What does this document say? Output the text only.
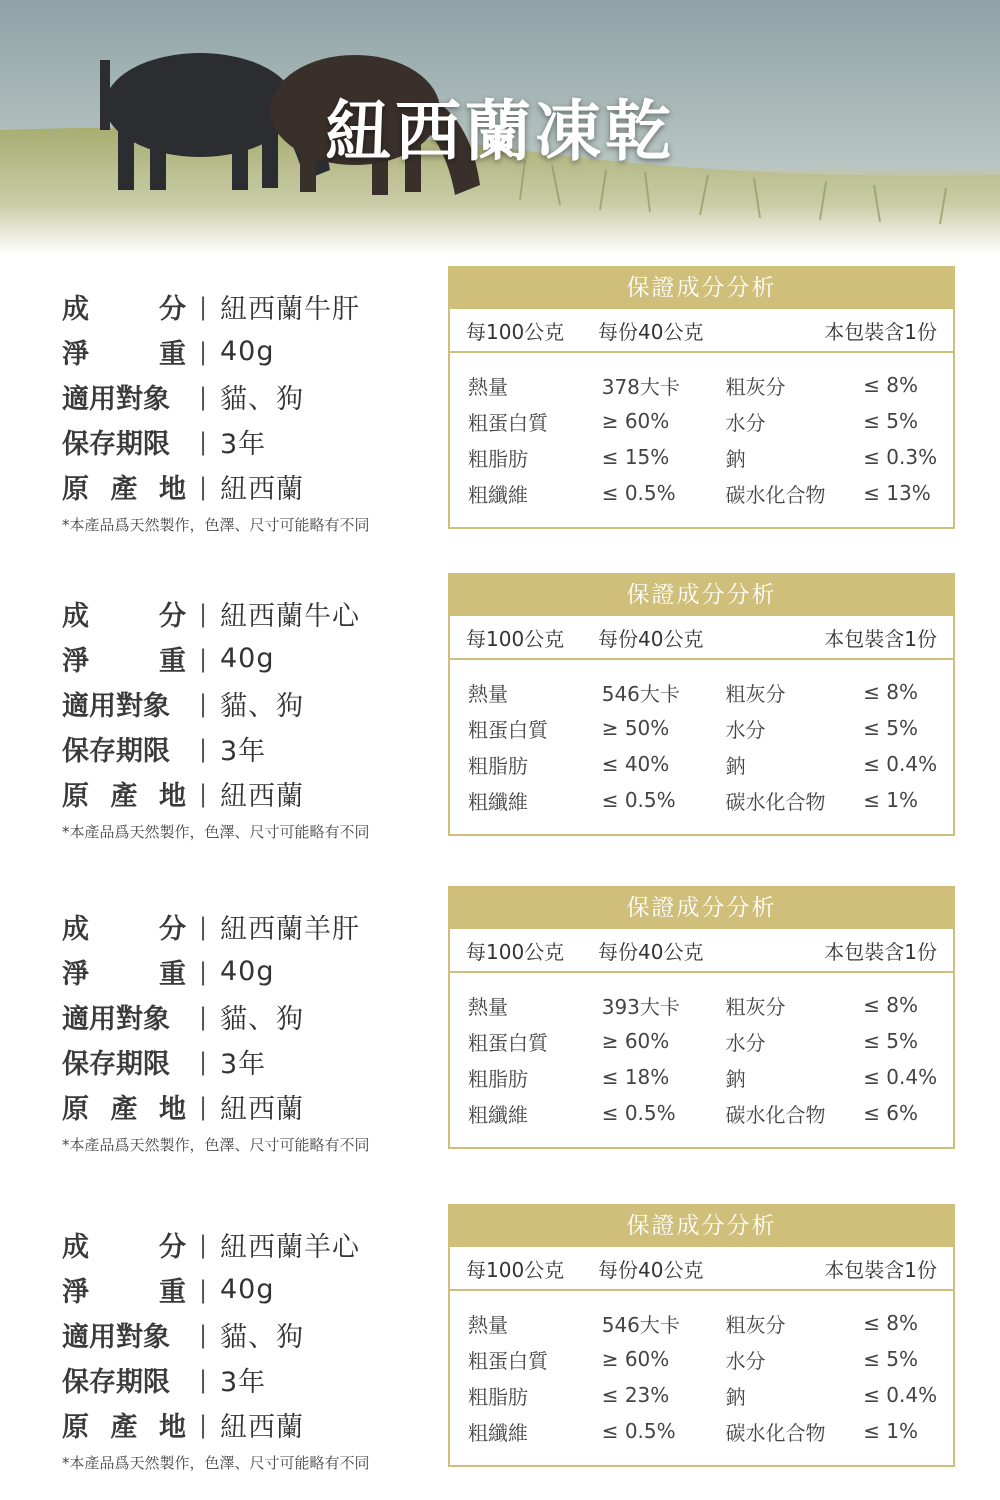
紐西蘭凍乾
成	分 | 紐西蘭牛肝
淨	重 | 40g
適用對象	| 貓、狗
保存期限	| 3年
原 產 地 | 紐西蘭
*本產品爲天然製作，色澤、尺寸可能略有不同
保證成分分析
每100公克	每份40公克	本包裝含1份
熱量	378大卡	粗灰分	≤ 8%
粗蛋白質	≥ 60%	水分	≤ 5%
粗脂肪	≤ 15%	鈉	≤ 0.3%
粗纖維	≤ 0.5%	碳水化合物	≤ 13%
成	分 | 紐西蘭牛心
淨	重 | 40g
適用對象	| 貓、狗
保存期限	| 3年
原 產 地 | 紐西蘭
*本產品爲天然製作，色澤、尺寸可能略有不同
保證成分分析
每100公克	每份40公克	本包裝含1份
熱量	546大卡	粗灰分	≤ 8%
粗蛋白質	≥ 50%	水分	≤ 5%
粗脂肪	≤ 40%	鈉	≤ 0.4%
粗纖維	≤ 0.5%	碳水化合物	≤ 1%
成	分 | 紐西蘭羊肝
淨	重 | 40g
適用對象	| 貓、狗
保存期限	| 3年
原 產 地 | 紐西蘭
*本產品爲天然製作，色澤、尺寸可能略有不同
保證成分分析
每100公克	每份40公克	本包裝含1份
熱量	393大卡	粗灰分	≤ 8%
粗蛋白質	≥ 60%	水分	≤ 5%
粗脂肪	≤ 18%	鈉	≤ 0.4%
粗纖維	≤ 0.5%	碳水化合物	≤ 6%
成	分 | 紐西蘭羊心
淨	重 | 40g
適用對象	| 貓、狗
保存期限	| 3年
原 產 地 | 紐西蘭
*本產品爲天然製作，色澤、尺寸可能略有不同
保證成分分析
每100公克	每份40公克	本包裝含1份
熱量	546大卡	粗灰分	≤ 8%
粗蛋白質	≥ 60%	水分	≤ 5%
粗脂肪	≤ 23%	鈉	≤ 0.4%
粗纖維	≤ 0.5%	碳水化合物	≤ 1%
